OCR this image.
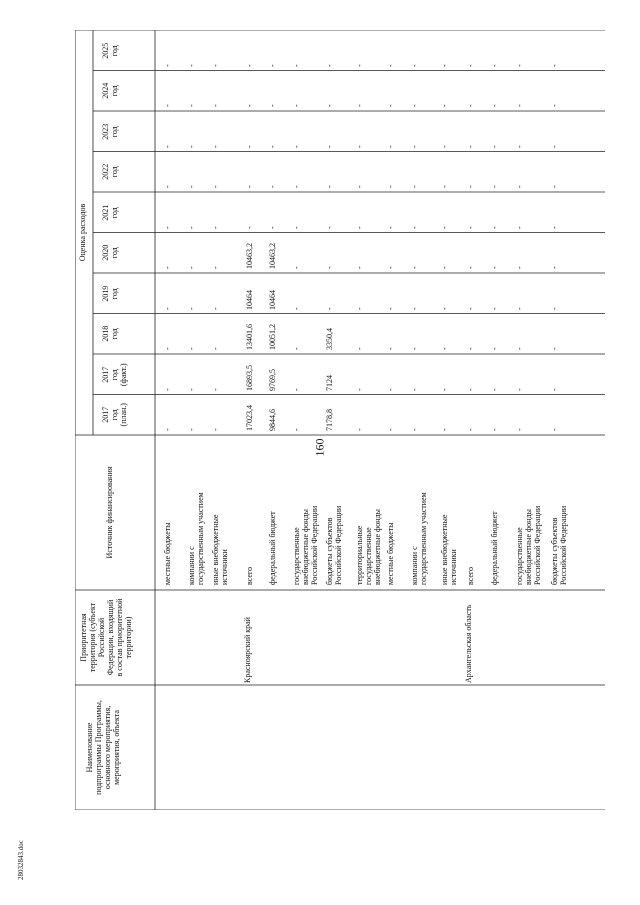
160
28032843.doc
Наименование подпрограммы Программы, основного мероприятия, мероприятия, объекта
Приоритетная территория (субъект Российской Федерации, входящий в состав приоритетной территории)
Источник финансирования
Оценка расходов
2017 год (план.)
2017 год (факт.)
2018 год
2019 год
2020 год
2021 год
2022 год
2023 год
2024 год
2025 год
Красноярский край	Архангельская область
местные бюджеты
-
-
-
-
-
-
-
-
-
-
компании с государственным участием
-
-
-
-
-
-
-
-
-
-
иные внебюджетные источники
-
-
-
-
-
-
-
-
-
-
всего
17023,4
16893,5
13401,6
10464
10463,2
-
-
-
-
-
федеральный бюджет
9844,6
9769,5
10051,2
10464
10463,2
-
-
-
-
-
государственные внебюджетные фонды Российской Федерации
-
-
-
-
-
-
-
-
-
-
бюджеты субъектов Российской Федерации
7178,8
7124
3350,4
-
-
-
-
-
-
-
территориальные государственные внебюджетные фонды
-
-
-
-
-
-
-
-
-
-
местные бюджеты
-
-
-
-
-
-
-
-
-
-
компании с государственным участием
-
-
-
-
-
-
-
-
-
-
иные внебюджетные источники
-
-
-
-
-
-
-
-
-
-
всего
-
-
-
-
-
-
-
-
-
-
федеральный бюджет
-
-
-
-
-
-
-
-
-
-
государственные внебюджетные фонды Российской Федерации
-
-
-
-
-
-
-
-
-
-
бюджеты субъектов Российской Федерации
-
-
-
-
-
-
-
-
-
-
